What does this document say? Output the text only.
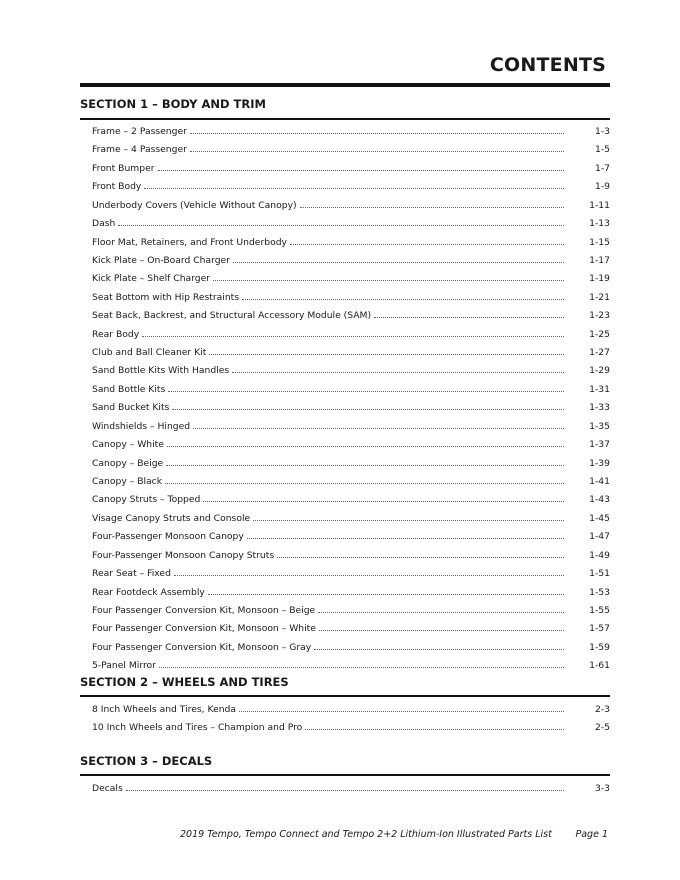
CONTENTS
SECTION 1 – BODY AND TRIM
Frame – 2 Passenger	1-3
Frame – 4 Passenger	1-5
Front Bumper	1-7
Front Body	1-9
Underbody Covers (Vehicle Without Canopy)	1-11
Dash	1-13
Floor Mat, Retainers, and Front Underbody	1-15
Kick Plate – On-Board Charger	1-17
Kick Plate – Shelf Charger	1-19
Seat Bottom with Hip Restraints	1-21
Seat Back, Backrest, and Structural Accessory Module (SAM)	1-23
Rear Body	1-25
Club and Ball Cleaner Kit	1-27
Sand Bottle Kits With Handles	1-29
Sand Bottle Kits	1-31
Sand Bucket Kits	1-33
Windshields – Hinged	1-35
Canopy – White	1-37
Canopy – Beige	1-39
Canopy – Black	1-41
Canopy Struts – Topped	1-43
Visage Canopy Struts and Console	1-45
Four-Passenger Monsoon Canopy	1-47
Four-Passenger Monsoon Canopy Struts	1-49
Rear Seat – Fixed	1-51
Rear Footdeck Assembly	1-53
Four Passenger Conversion Kit, Monsoon – Beige	1-55
Four Passenger Conversion Kit, Monsoon – White	1-57
Four Passenger Conversion Kit, Monsoon – Gray	1-59
5-Panel Mirror	1-61
SECTION 2 – WHEELS AND TIRES
8 Inch Wheels and Tires, Kenda	2-3
10 Inch Wheels and Tires – Champion and Pro	2-5
SECTION 3 – DECALS
Decals	3-3
2019 Tempo, Tempo Connect and Tempo 2+2 Lithium-Ion Illustrated Parts List Page 1
